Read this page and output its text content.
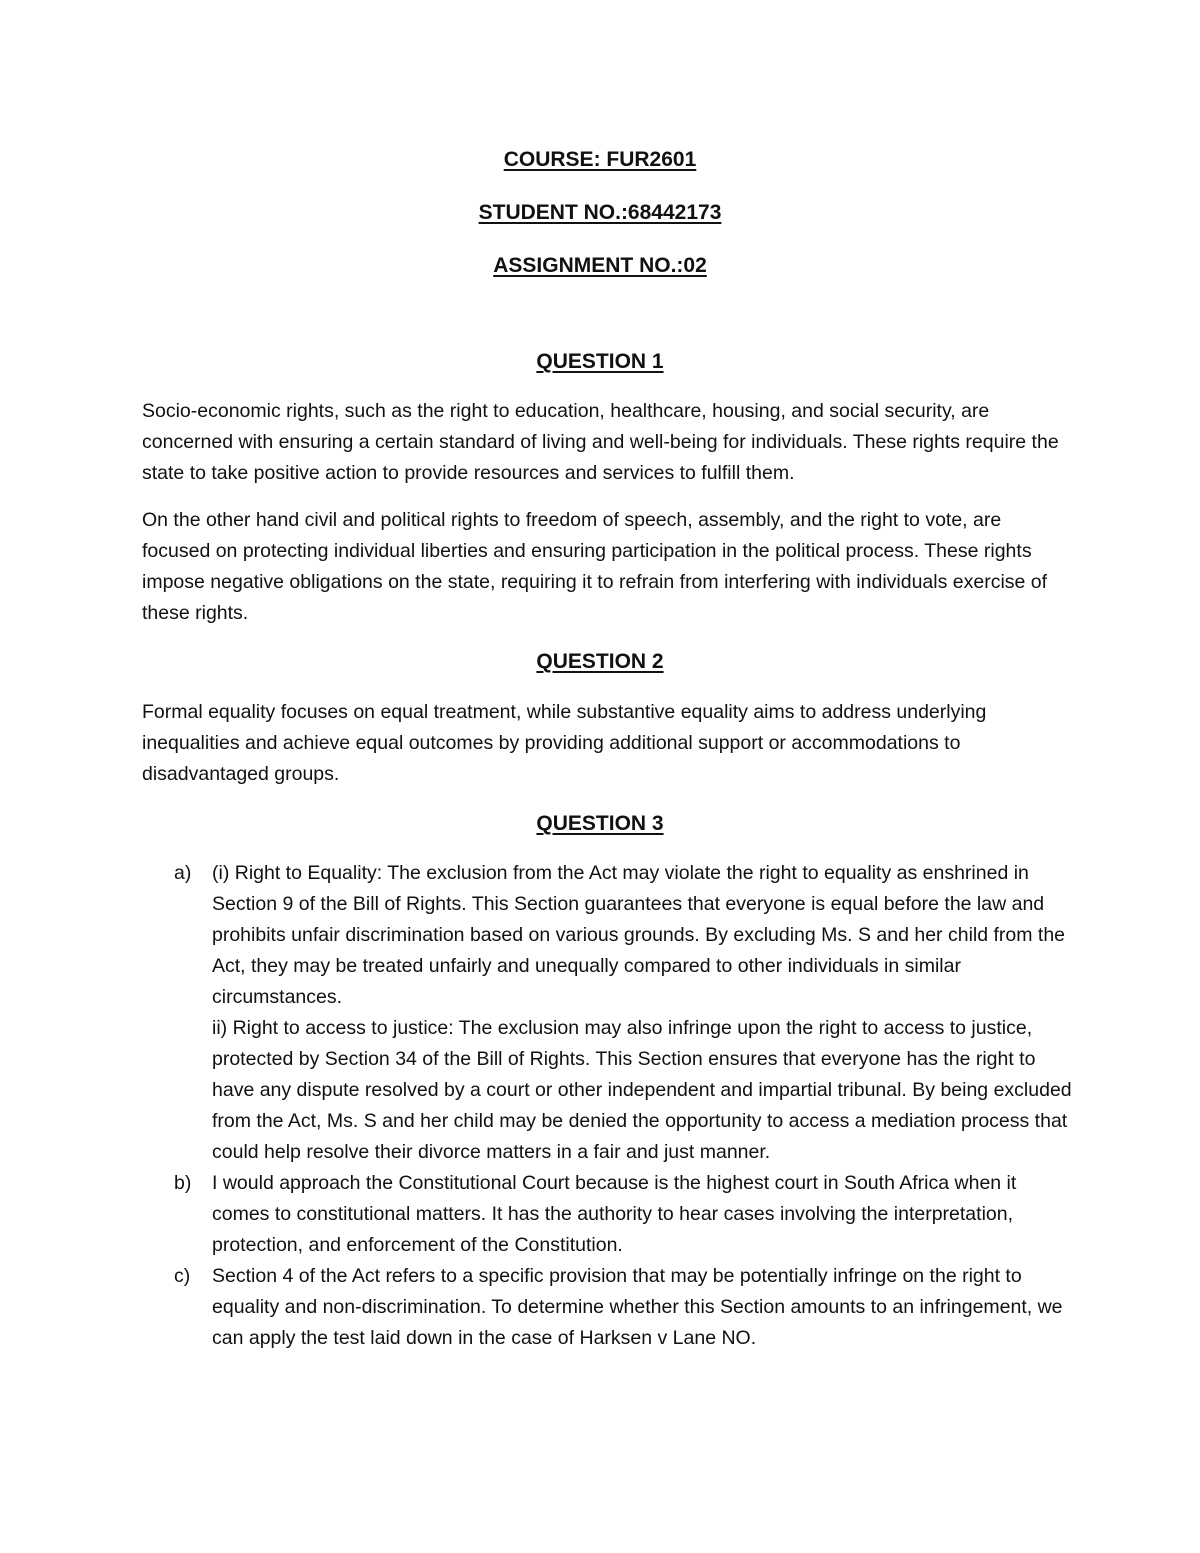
COURSE: FUR2601
STUDENT NO.:68442173
ASSIGNMENT NO.:02
QUESTION 1

Socio-economic rights, such as the right to education, healthcare, housing, and social security, are concerned with ensuring a certain standard of living and well-being for individuals. These rights require the state to take positive action to provide resources and services to fulfill them.

On the other hand civil and political rights to freedom of speech, assembly, and the right to vote, are focused on protecting individual liberties and ensuring participation in the political process. These rights impose negative obligations on the state, requiring it to refrain from interfering with individuals exercise of these rights.

QUESTION 2

Formal equality focuses on equal treatment, while substantive equality aims to address underlying inequalities and achieve equal outcomes by providing additional support or accommodations to disadvantaged groups.

QUESTION 3
a) (i) Right to Equality: The exclusion from the Act may violate the right to equality as enshrined in Section 9 of the Bill of Rights. This Section guarantees that everyone is equal before the law and prohibits unfair discrimination based on various grounds. By excluding Ms. S and her child from the Act, they may be treated unfairly and unequally compared to other individuals in similar circumstances.
ii) Right to access to justice: The exclusion may also infringe upon the right to access to justice, protected by Section 34 of the Bill of Rights. This Section ensures that everyone has the right to have any dispute resolved by a court or other independent and impartial tribunal. By being excluded from the Act, Ms. S and her child may be denied the opportunity to access a mediation process that could help resolve their divorce matters in a fair and just manner.
b) I would approach the Constitutional Court because is the highest court in South Africa when it comes to constitutional matters. It has the authority to hear cases involving the interpretation, protection, and enforcement of the Constitution.
c) Section 4 of the Act refers to a specific provision that may be potentially infringe on the right to equality and non-discrimination. To determine whether this Section amounts to an infringement, we can apply the test laid down in the case of Harksen v Lane NO.
